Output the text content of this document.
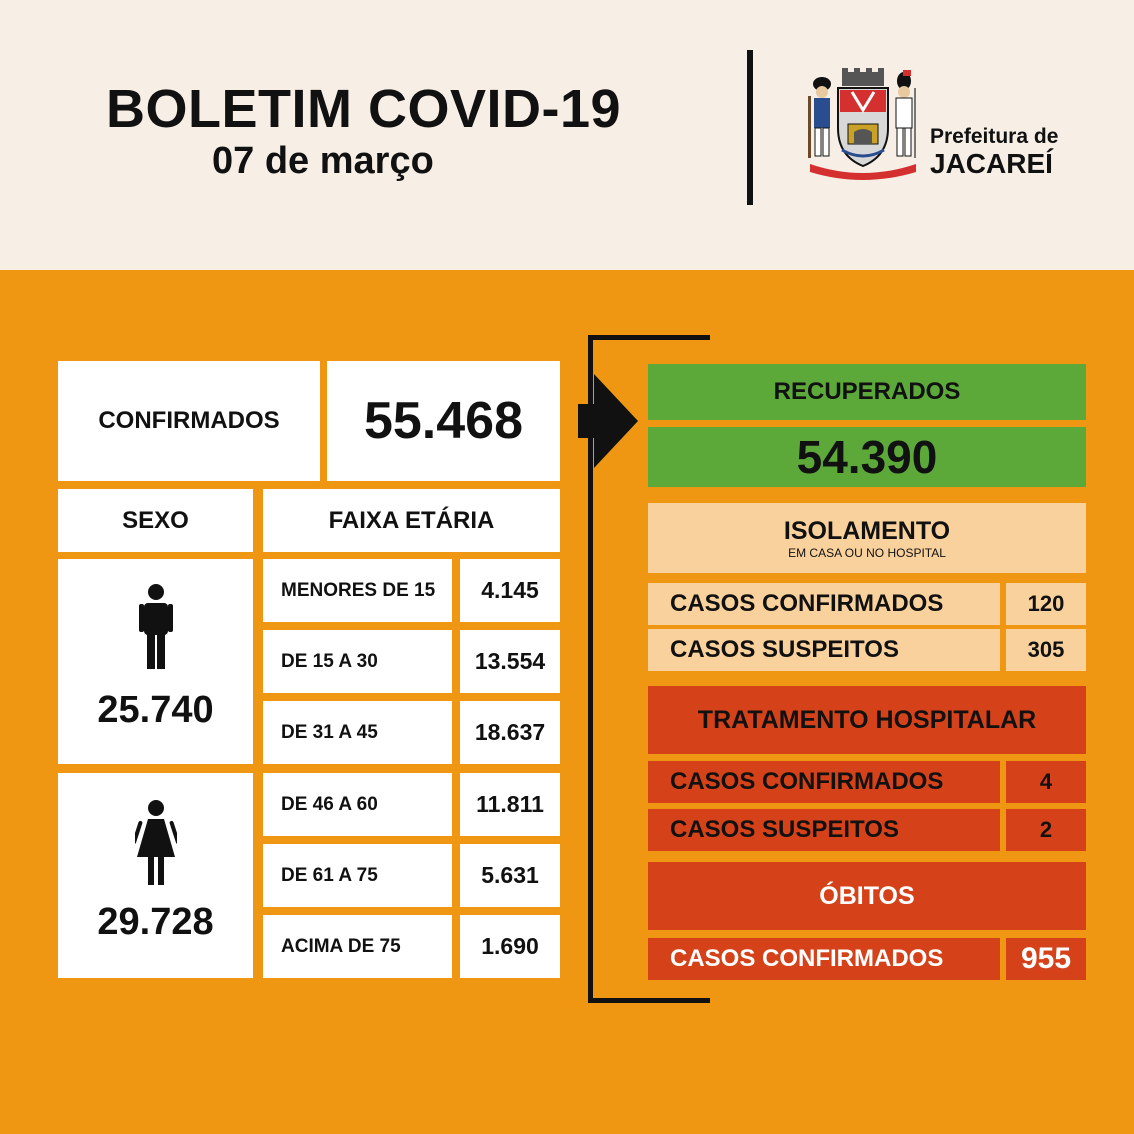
BOLETIM COVID-19
07 de março
Prefeitura de
JACAREÍ
CONFIRMADOS	55.468
SEXO	FAIXA ETÁRIA
25.740
29.728
MENORES DE 15	4.145
DE 15 A 30	13.554
DE 31 A 45	18.637
DE 46 A 60	11.811
DE 61 A 75	5.631
ACIMA DE 75	1.690
RECUPERADOS
54.390
ISOLAMENTO
EM CASA OU NO HOSPITAL
CASOS CONFIRMADOS	120
CASOS SUSPEITOS	305
TRATAMENTO HOSPITALAR
CASOS CONFIRMADOS	4
CASOS SUSPEITOS	2
ÓBITOS
CASOS CONFIRMADOS	955
